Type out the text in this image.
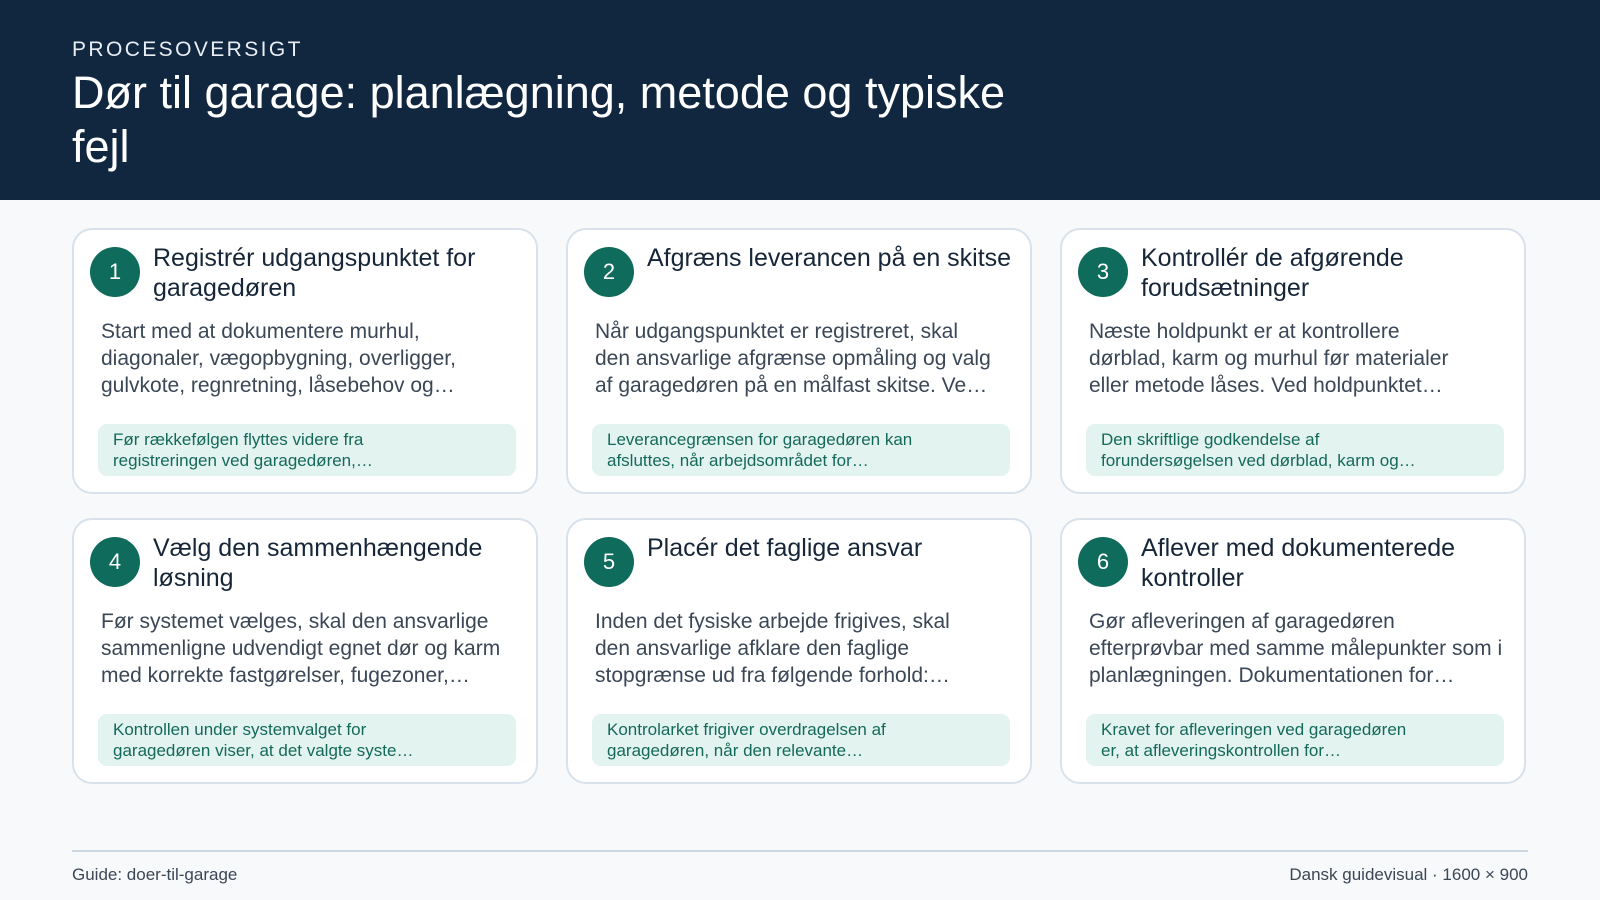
PROCESOVERSIGT
Dør til garage: planlægning, metode og typiske fejl
1	Registrér udgangspunktet for garagedøren
Start med at dokumentere murhul,
diagonaler, vægopbygning, overligger,
gulvkote, regnretning, låsebehov og…
Før rækkefølgen flyttes videre fra
registreringen ved garagedøren,…
2	Afgræns leverancen på en skitse
Når udgangspunktet er registreret, skal
den ansvarlige afgrænse opmåling og valg
af garagedøren på en målfast skitse. Ve…
Leverancegrænsen for garagedøren kan
afsluttes, når arbejdsområdet for…
3	Kontrollér de afgørende forudsætninger
Næste holdpunkt er at kontrollere
dørblad, karm og murhul før materialer
eller metode låses. Ved holdpunktet…
Den skriftlige godkendelse af
forundersøgelsen ved dørblad, karm og…
4	Vælg den sammenhængende løsning
Før systemet vælges, skal den ansvarlige
sammenligne udvendigt egnet dør og karm
med korrekte fastgørelser, fugezoner,…
Kontrollen under systemvalget for
garagedøren viser, at det valgte syste…
5	Placér det faglige ansvar
Inden det fysiske arbejde frigives, skal
den ansvarlige afklare den faglige
stopgrænse ud fra følgende forhold:…
Kontrolarket frigiver overdragelsen af
garagedøren, når den relevante…
6	Aflever med dokumenterede kontroller
Gør afleveringen af garagedøren
efterprøvbar med samme målepunkter som i
planlægningen. Dokumentationen for…
Kravet for afleveringen ved garagedøren
er, at afleveringskontrollen for…
Guide: doer-til-garage	Dansk guidevisual · 1600 × 900
